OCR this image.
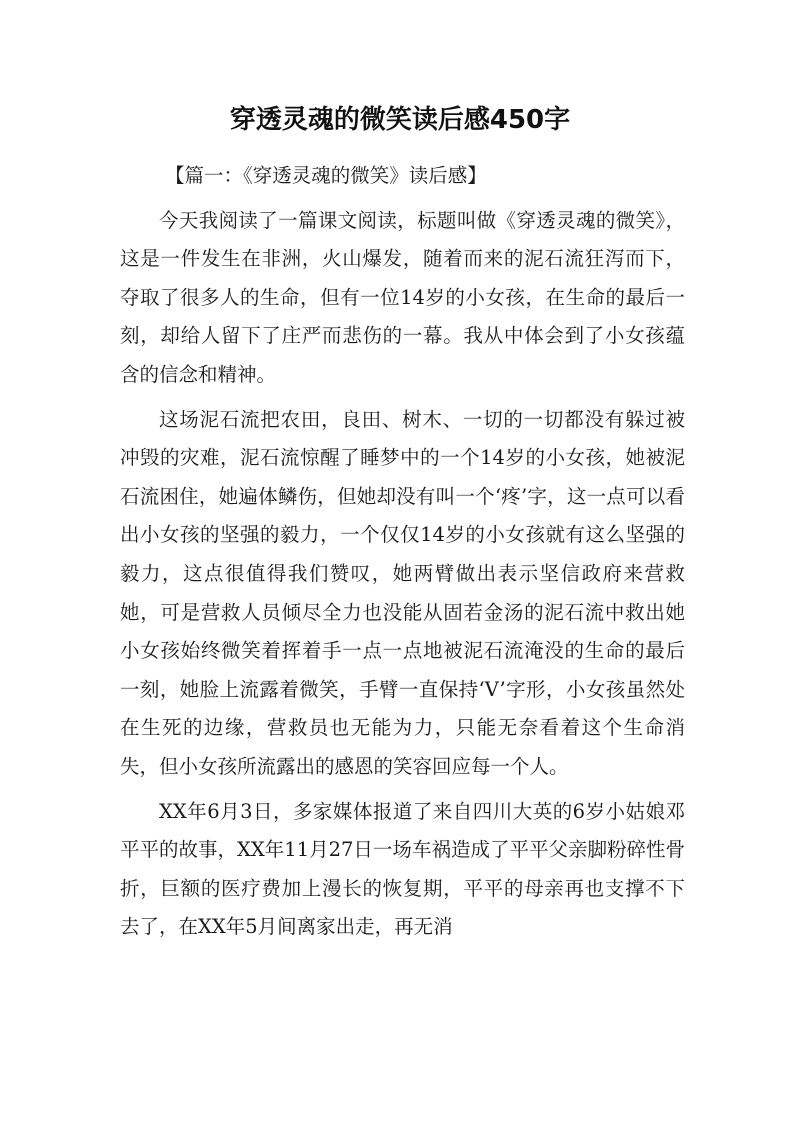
穿透灵魂的微笑读后感450字

【篇一：《穿透灵魂的微笑》读后感】

今天我阅读了一篇课文阅读，标题叫做《穿透灵魂的微笑》，这是一件发生在非洲，火山爆发，随着而来的泥石流狂泻而下，夺取了很多人的生命，但有一位14岁的小女孩，在生命的最后一刻，却给人留下了庄严而悲伤的一幕。我从中体会到了小女孩蕴含的信念和精神。

这场泥石流把农田，良田、树木、一切的一切都没有躲过被冲毁的灾难，泥石流惊醒了睡梦中的一个14岁的小女孩，她被泥石流困住，她遍体鳞伤，但她却没有叫一个‘疼’字，这一点可以看出小女孩的坚强的毅力，一个仅仅14岁的小女孩就有这么坚强的毅力，这点很值得我们赞叹，她两臂做出表示坚信政府来营救她，可是营救人员倾尽全力也没能从固若金汤的泥石流中救出她小女孩始终微笑着挥着手一点一点地被泥石流淹没的生命的最后一刻，她脸上流露着微笑，手臂一直保持‘V’字形，小女孩虽然处在生死的边缘，营救员也无能为力，只能无奈看着这个生命消失，但小女孩所流露出的感恩的笑容回应每一个人。

XX年6月3日，多家媒体报道了来自四川大英的6岁小姑娘邓平平的故事，XX年11月27日一场车祸造成了平平父亲脚粉碎性骨折，巨额的医疗费加上漫长的恢复期，平平的母亲再也支撑不下去了，在XX年5月间离家出走，再无消
